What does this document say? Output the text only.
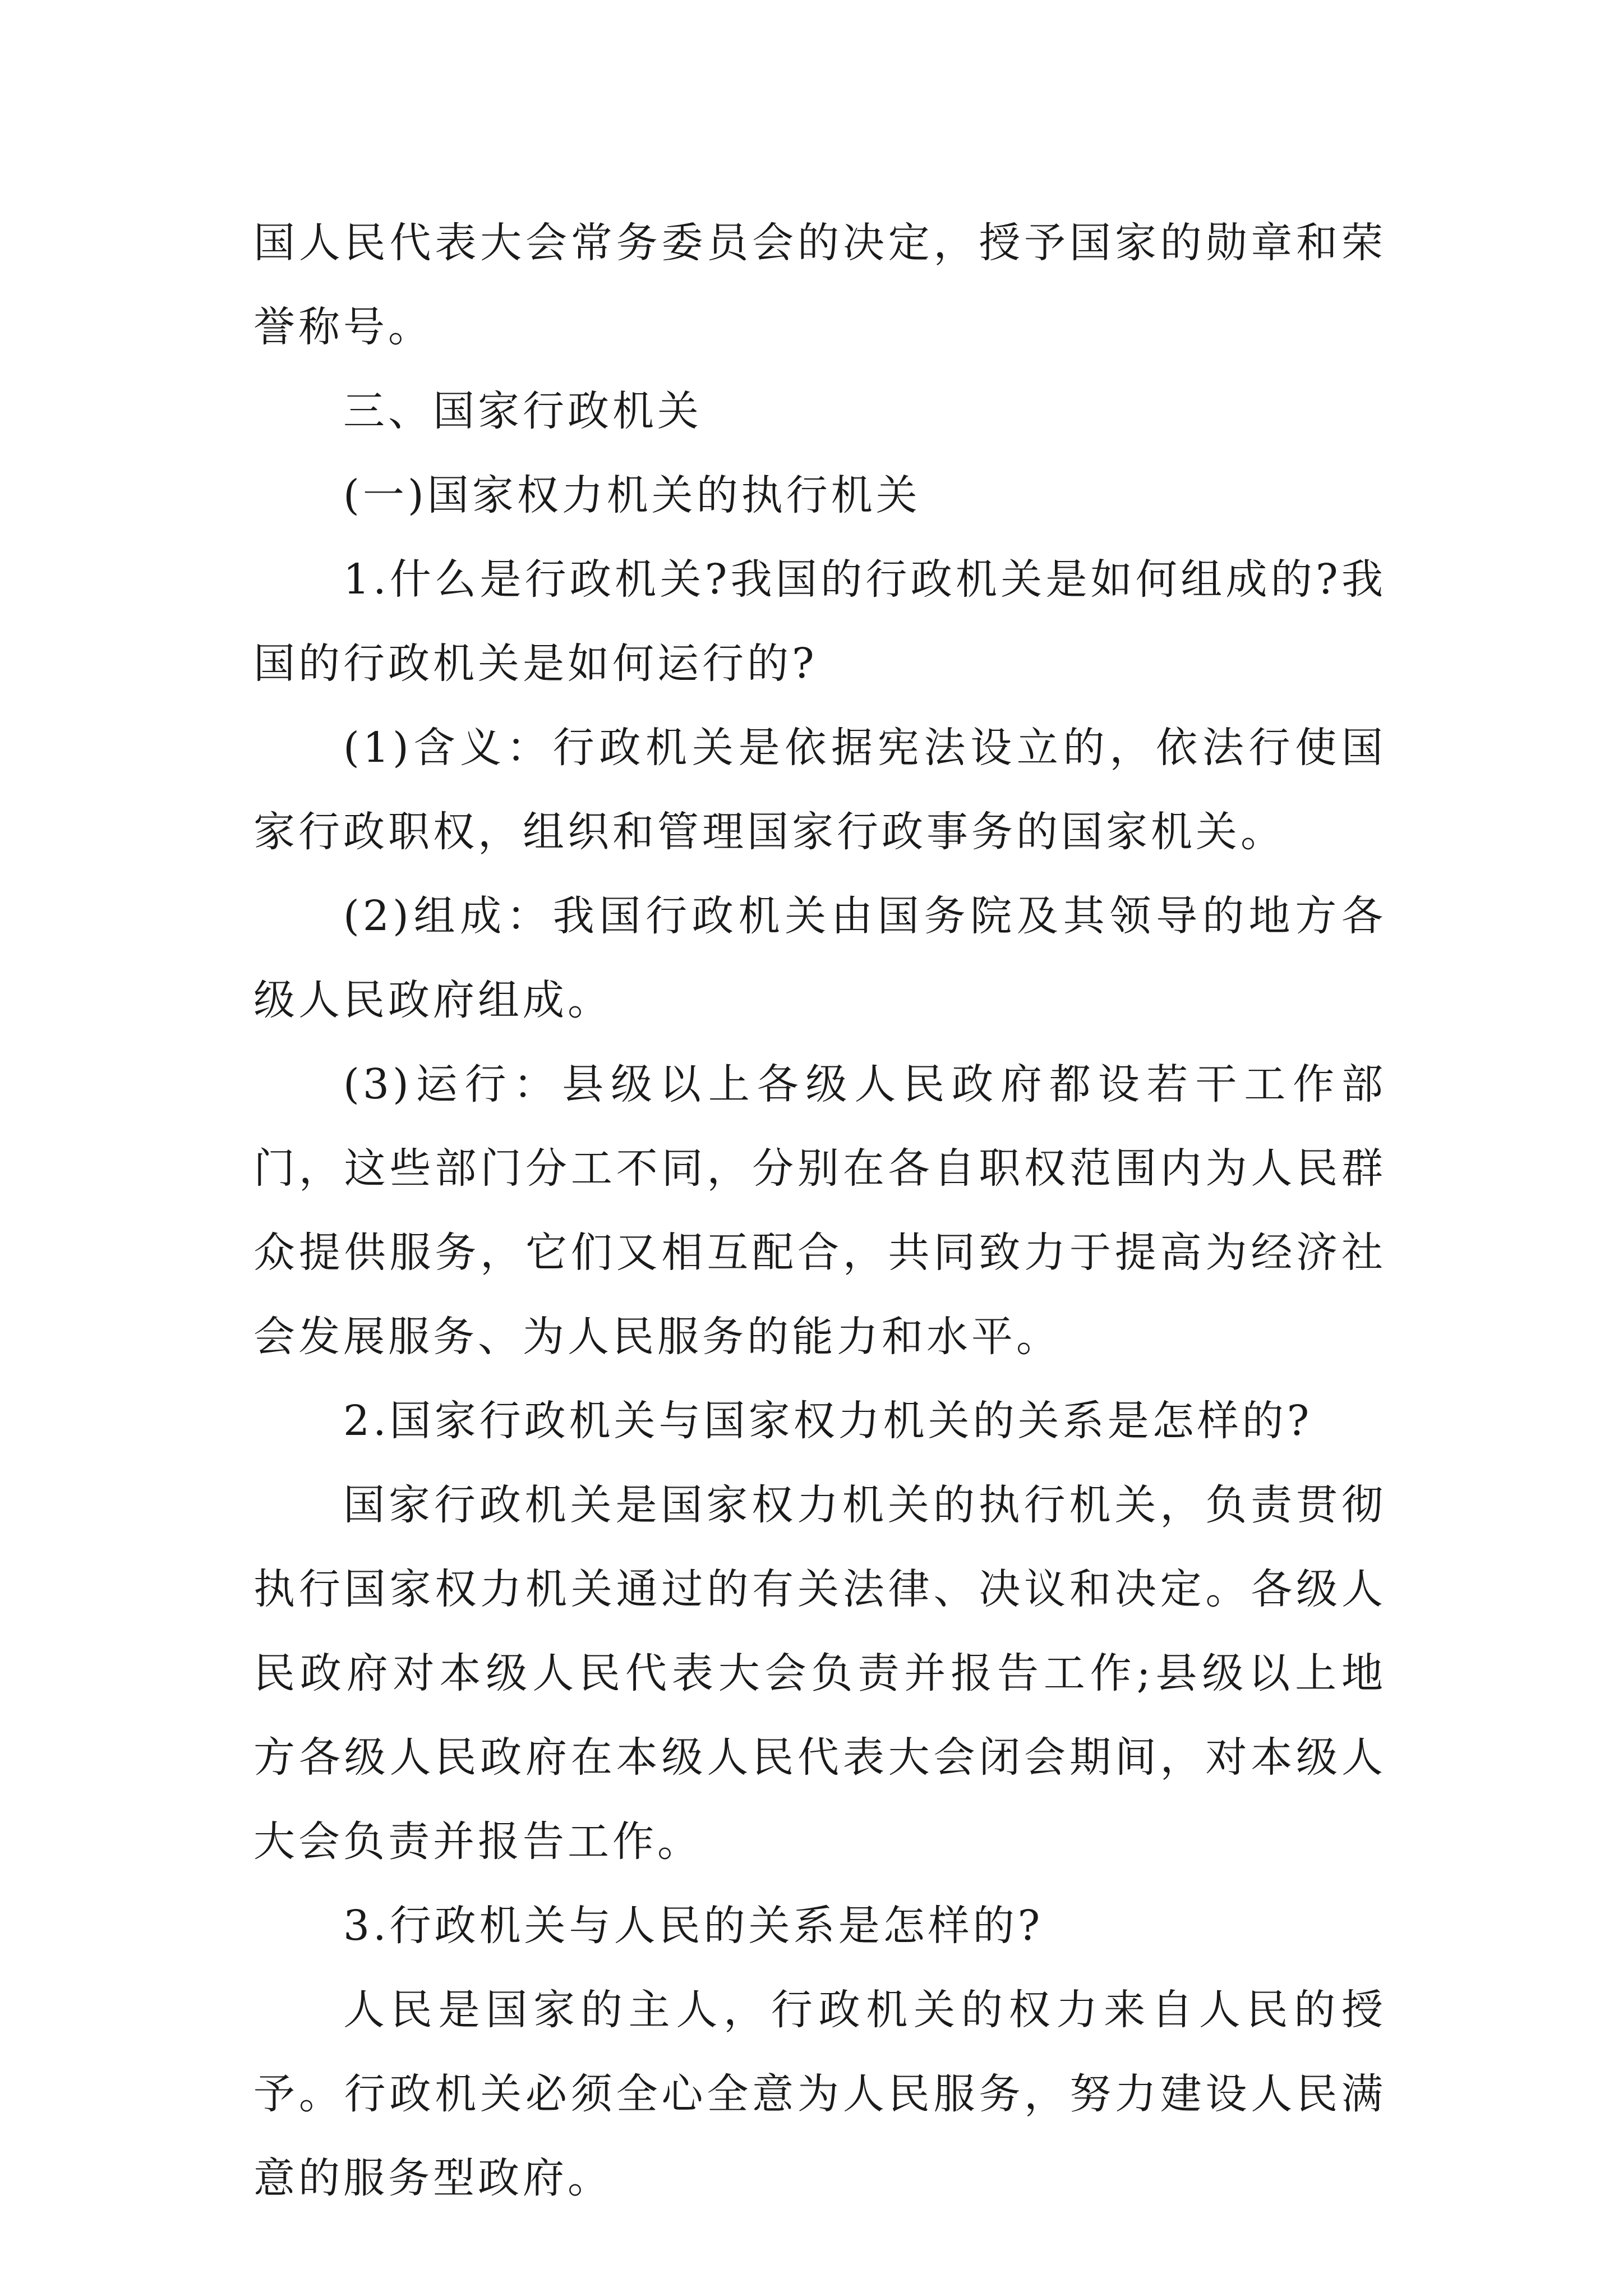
国人民代表大会常务委员会的决定，授予国家的勋章和荣誉称号。

三、国家行政机关

(一)国家权力机关的执行机关

1.什么是行政机关?我国的行政机关是如何组成的?我国的行政机关是如何运行的?

(1)含义：行政机关是依据宪法设立的，依法行使国家行政职权，组织和管理国家行政事务的国家机关。

(2)组成：我国行政机关由国务院及其领导的地方各级人民政府组成。

(3)运行：县级以上各级人民政府都设若干工作部门，这些部门分工不同，分别在各自职权范围内为人民群众提供服务，它们又相互配合，共同致力于提高为经济社会发展服务、为人民服务的能力和水平。

2.国家行政机关与国家权力机关的关系是怎样的?

国家行政机关是国家权力机关的执行机关，负责贯彻执行国家权力机关通过的有关法律、决议和决定。各级人民政府对本级人民代表大会负责并报告工作;县级以上地方各级人民政府在本级人民代表大会闭会期间，对本级人大会负责并报告工作。

3.行政机关与人民的关系是怎样的?

人民是国家的主人，行政机关的权力来自人民的授予。行政机关必须全心全意为人民服务，努力建设人民满意的服务型政府。
